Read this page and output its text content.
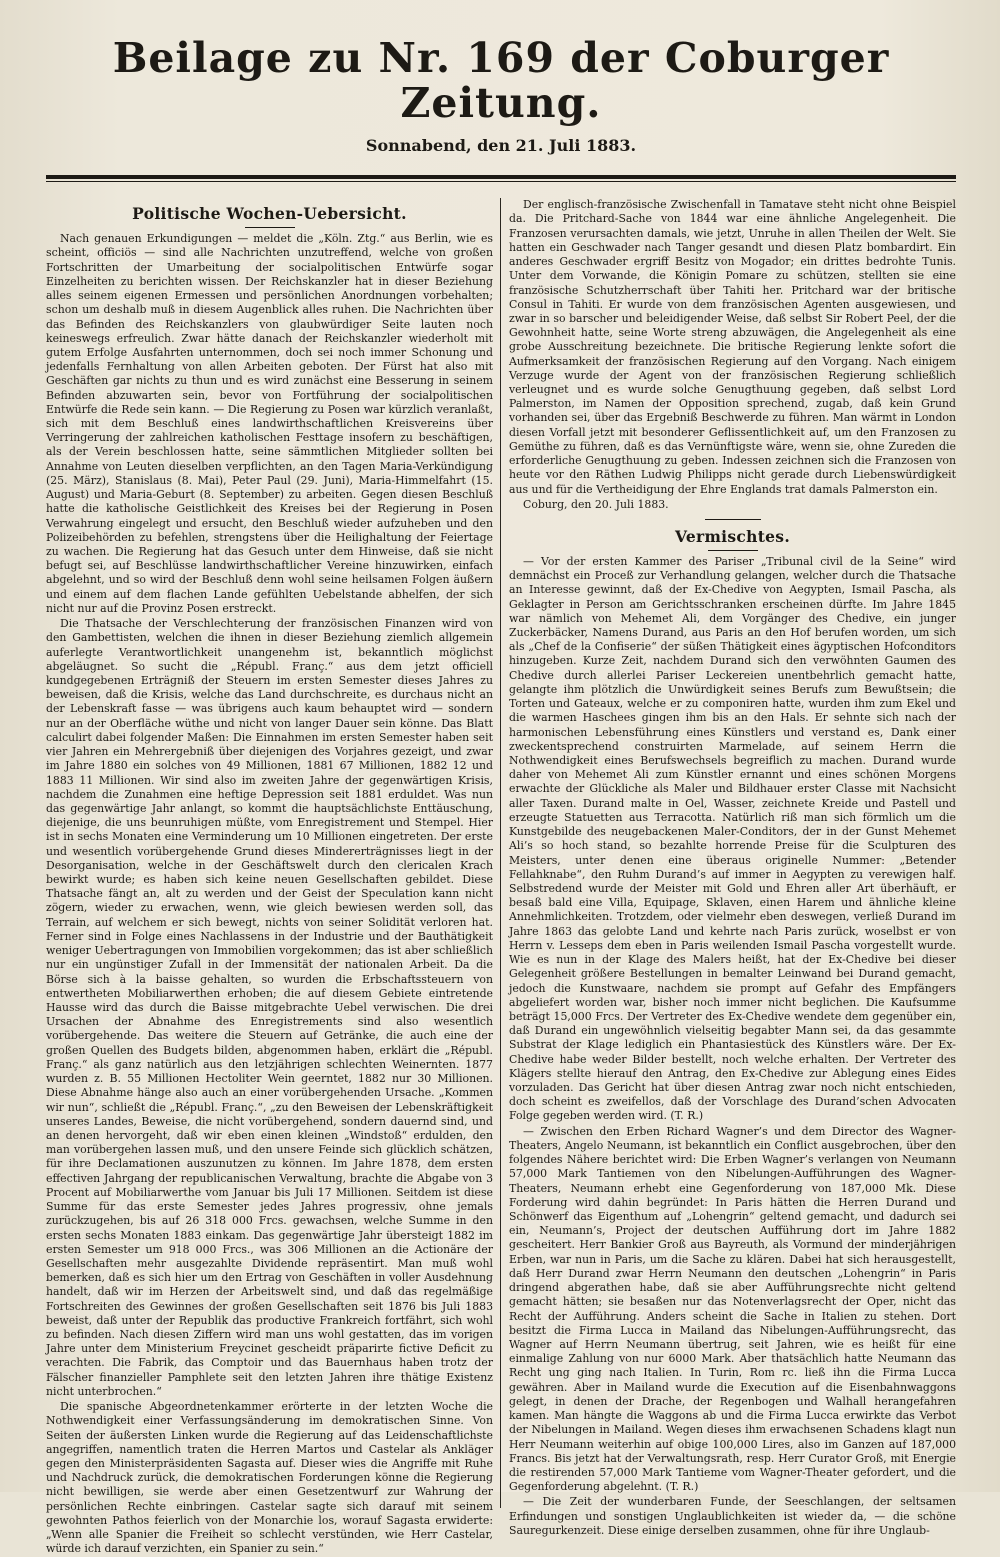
Beilage zu Nr. 169 der Coburger Zeitung.
Sonnabend, den 21. Juli 1883.
Politische Wochen-Uebersicht.

Nach genauen Erkundigungen — meldet die „Köln. Ztg.“ aus Berlin, wie es scheint, officiös — sind alle Nachrichten unzutreffend, welche von großen Fortschritten der Umarbeitung der socialpolitischen Entwürfe sogar Einzelheiten zu berichten wissen. Der Reichskanzler hat in dieser Beziehung alles seinem eigenen Ermessen und persönlichen Anordnungen vorbehalten; schon um deshalb muß in diesem Augenblick alles ruhen. Die Nachrichten über das Befinden des Reichskanzlers von glaubwürdiger Seite lauten noch keineswegs erfreulich. Zwar hätte danach der Reichskanzler wiederholt mit gutem Erfolge Ausfahrten unternommen, doch sei noch immer Schonung und jedenfalls Fernhaltung von allen Arbeiten geboten. Der Fürst hat also mit Geschäften gar nichts zu thun und es wird zunächst eine Besserung in seinem Befinden abzuwarten sein, bevor von Fortführung der socialpolitischen Entwürfe die Rede sein kann. — Die Regierung zu Posen war kürzlich veranlaßt, sich mit dem Beschluß eines landwirthschaftlichen Kreisvereins über Verringerung der zahlreichen katholischen Festtage insofern zu beschäftigen, als der Verein beschlossen hatte, seine sämmtlichen Mitglieder sollten bei Annahme von Leuten dieselben verpflichten, an den Tagen Maria-Verkündigung (25. März), Stanislaus (8. Mai), Peter Paul (29. Juni), Maria-Himmelfahrt (15. August) und Maria-Geburt (8. September) zu arbeiten. Gegen diesen Beschluß hatte die katholische Geistlichkeit des Kreises bei der Regierung in Posen Verwahrung eingelegt und ersucht, den Beschluß wieder aufzuheben und den Polizeibehörden zu befehlen, strengstens über die Heilighaltung der Feiertage zu wachen. Die Regierung hat das Gesuch unter dem Hinweise, daß sie nicht befugt sei, auf Beschlüsse landwirthschaftlicher Vereine hinzuwirken, einfach abgelehnt, und so wird der Beschluß denn wohl seine heilsamen Folgen äußern und einem auf dem flachen Lande gefühlten Uebelstande abhelfen, der sich nicht nur auf die Provinz Posen erstreckt.

Die Thatsache der Verschlechterung der französischen Finanzen wird von den Gambettisten, welchen die ihnen in dieser Beziehung ziemlich allgemein auferlegte Verantwortlichkeit unangenehm ist, bekanntlich möglichst abgeläugnet. So sucht die „Républ. Franç.“ aus dem jetzt officiell kundgegebenen Erträgniß der Steuern im ersten Semester dieses Jahres zu beweisen, daß die Krisis, welche das Land durchschreite, es durchaus nicht an der Lebenskraft fasse — was übrigens auch kaum behauptet wird — sondern nur an der Oberfläche wüthe und nicht von langer Dauer sein könne. Das Blatt calculirt dabei folgender Maßen: Die Einnahmen im ersten Semester haben seit vier Jahren ein Mehrergebniß über diejenigen des Vorjahres gezeigt, und zwar im Jahre 1880 ein solches von 49 Millionen, 1881 67 Millionen, 1882 12 und 1883 11 Millionen. Wir sind also im zweiten Jahre der gegenwärtigen Krisis, nachdem die Zunahmen eine heftige Depression seit 1881 erduldet. Was nun das gegenwärtige Jahr anlangt, so kommt die hauptsächlichste Enttäuschung, diejenige, die uns beunruhigen müßte, vom Enregistrement und Stempel. Hier ist in sechs Monaten eine Verminderung um 10 Millionen eingetreten. Der erste und wesentlich vorübergehende Grund dieses Mindererträgnisses liegt in der Desorganisation, welche in der Geschäftswelt durch den clericalen Krach bewirkt wurde; es haben sich keine neuen Gesellschaften gebildet. Diese Thatsache fängt an, alt zu werden und der Geist der Speculation kann nicht zögern, wieder zu erwachen, wenn, wie gleich bewiesen werden soll, das Terrain, auf welchem er sich bewegt, nichts von seiner Solidität verloren hat. Ferner sind in Folge eines Nachlassens in der Industrie und der Bauthätigkeit weniger Uebertragungen von Immobilien vorgekommen; das ist aber schließlich nur ein ungünstiger Zufall in der Immensität der nationalen Arbeit. Da die Börse sich à la baisse gehalten, so wurden die Erbschaftssteuern von entwertheten Mobiliarwerthen erhoben; die auf diesem Gebiete eintretende Hausse wird das durch die Baisse mitgebrachte Uebel verwischen. Die drei Ursachen der Abnahme des Enregistrements sind also wesentlich vorübergehende. Das weitere die Steuern auf Getränke, die auch eine der großen Quellen des Budgets bilden, abgenommen haben, erklärt die „Républ. Franç.“ als ganz natürlich aus den letzjährigen schlechten Weinernten. 1877 wurden z. B. 55 Millionen Hectoliter Wein geerntet, 1882 nur 30 Millionen. Diese Abnahme hänge also auch an einer vorübergehenden Ursache. „Kommen wir nun“, schließt die „Républ. Franç.“, „zu den Beweisen der Lebenskräftigkeit unseres Landes, Beweise, die nicht vorübergehend, sondern dauernd sind, und an denen hervorgeht, daß wir eben einen kleinen „Windstoß“ erdulden, den man vorübergehen lassen muß, und den unsere Feinde sich glücklich schätzen, für ihre Declamationen auszunutzen zu können. Im Jahre 1878, dem ersten effectiven Jahrgang der republicanischen Verwaltung, brachte die Abgabe von 3 Procent auf Mobiliarwerthe vom Januar bis Juli 17 Millionen. Seitdem ist diese Summe für das erste Semester jedes Jahres progressiv, ohne jemals zurückzugehen, bis auf 26 318 000 Frcs. gewachsen, welche Summe in den ersten sechs Monaten 1883 einkam. Das gegenwärtige Jahr übersteigt 1882 im ersten Semester um 918 000 Frcs., was 306 Millionen an die Actionäre der Gesellschaften mehr ausgezahlte Dividende repräsentirt. Man muß wohl bemerken, daß es sich hier um den Ertrag von Geschäften in voller Ausdehnung handelt, daß wir im Herzen der Arbeitswelt sind, und daß das regelmäßige Fortschreiten des Gewinnes der großen Gesellschaften seit 1876 bis Juli 1883 beweist, daß unter der Republik das productive Frankreich fortfährt, sich wohl zu befinden. Nach diesen Ziffern wird man uns wohl gestatten, das im vorigen Jahre unter dem Ministerium Freycinet gescheidt präparirte fictive Deficit zu verachten. Die Fabrik, das Comptoir und das Bauernhaus haben trotz der Fälscher finanzieller Pamphlete seit den letzten Jahren ihre thätige Existenz nicht unterbrochen.“

Die spanische Abgeordnetenkammer erörterte in der letzten Woche die Nothwendigkeit einer Verfassungsänderung im demokratischen Sinne. Von Seiten der äußersten Linken wurde die Regierung auf das Leidenschaftlichste angegriffen, namentlich traten die Herren Martos und Castelar als Ankläger gegen den Ministerpräsidenten Sagasta auf. Dieser wies die Angriffe mit Ruhe und Nachdruck zurück, die demokratischen Forderungen könne die Regierung nicht bewilligen, sie werde aber einen Gesetzentwurf zur Wahrung der persönlichen Rechte einbringen. Castelar sagte sich darauf mit seinem gewohnten Pathos feierlich von der Monarchie los, worauf Sagasta erwiderte: „Wenn alle Spanier die Freiheit so schlecht verstünden, wie Herr Castelar, würde ich darauf verzichten, ein Spanier zu sein.“

Der englisch-französische Zwischenfall in Tamatave steht nicht ohne Beispiel da. Die Pritchard-Sache von 1844 war eine ähnliche Angelegenheit. Die Franzosen verursachten damals, wie jetzt, Unruhe in allen Theilen der Welt. Sie hatten ein Geschwader nach Tanger gesandt und diesen Platz bombardirt. Ein anderes Geschwader ergriff Besitz von Mogador; ein drittes bedrohte Tunis. Unter dem Vorwande, die Königin Pomare zu schützen, stellten sie eine französische Schutzherrschaft über Tahiti her. Pritchard war der britische Consul in Tahiti. Er wurde von dem französischen Agenten ausgewiesen, und zwar in so barscher und beleidigender Weise, daß selbst Sir Robert Peel, der die Gewohnheit hatte, seine Worte streng abzuwägen, die Angelegenheit als eine grobe Ausschreitung bezeichnete. Die britische Regierung lenkte sofort die Aufmerksamkeit der französischen Regierung auf den Vorgang. Nach einigem Verzuge wurde der Agent von der französischen Regierung schließlich verleugnet und es wurde solche Genugthuung gegeben, daß selbst Lord Palmerston, im Namen der Opposition sprechend, zugab, daß kein Grund vorhanden sei, über das Ergebniß Beschwerde zu führen. Man wärmt in London diesen Vorfall jetzt mit besonderer Geflissentlichkeit auf, um den Franzosen zu Gemüthe zu führen, daß es das Vernünftigste wäre, wenn sie, ohne Zureden die erforderliche Genugthuung zu geben. Indessen zeichnen sich die Franzosen von heute vor den Räthen Ludwig Philipps nicht gerade durch Liebenswürdigkeit aus und für die Vertheidigung der Ehre Englands trat damals Palmerston ein.

Coburg, den 20. Juli 1883.

Vermischtes.

— Vor der ersten Kammer des Pariser „Tribunal civil de la Seine“ wird demnächst ein Proceß zur Verhandlung gelangen, welcher durch die Thatsache an Interesse gewinnt, daß der Ex-Chedive von Aegypten, Ismail Pascha, als Geklagter in Person am Gerichtsschranken erscheinen dürfte. Im Jahre 1845 war nämlich von Mehemet Ali, dem Vorgänger des Chedive, ein junger Zuckerbäcker, Namens Durand, aus Paris an den Hof berufen worden, um sich als „Chef de la Confiserie“ der süßen Thätigkeit eines ägyptischen Hofconditors hinzugeben. Kurze Zeit, nachdem Durand sich den verwöhnten Gaumen des Chedive durch allerlei Pariser Leckereien unentbehrlich gemacht hatte, gelangte ihm plötzlich die Unwürdigkeit seines Berufs zum Bewußtsein; die Torten und Gateaux, welche er zu componiren hatte, wurden ihm zum Ekel und die warmen Haschees gingen ihm bis an den Hals. Er sehnte sich nach der harmonischen Lebensführung eines Künstlers und verstand es, Dank einer zweckentsprechend construirten Marmelade, auf seinem Herrn die Nothwendigkeit eines Berufswechsels begreiflich zu machen. Durand wurde daher von Mehemet Ali zum Künstler ernannt und eines schönen Morgens erwachte der Glückliche als Maler und Bildhauer erster Classe mit Nachsicht aller Taxen. Durand malte in Oel, Wasser, zeichnete Kreide und Pastell und erzeugte Statuetten aus Terracotta. Natürlich riß man sich förmlich um die Kunstgebilde des neugebackenen Maler-Conditors, der in der Gunst Mehemet Ali’s so hoch stand, so bezahlte horrende Preise für die Sculpturen des Meisters, unter denen eine überaus originelle Nummer: „Betender Fellahknabe“, den Ruhm Durand’s auf immer in Aegypten zu verewigen half. Selbstredend wurde der Meister mit Gold und Ehren aller Art überhäuft, er besaß bald eine Villa, Equipage, Sklaven, einen Harem und ähnliche kleine Annehmlichkeiten. Trotzdem, oder vielmehr eben deswegen, verließ Durand im Jahre 1863 das gelobte Land und kehrte nach Paris zurück, woselbst er von Herrn v. Lesseps dem eben in Paris weilenden Ismail Pascha vorgestellt wurde. Wie es nun in der Klage des Malers heißt, hat der Ex-Chedive bei dieser Gelegenheit größere Bestellungen in bemalter Leinwand bei Durand gemacht, jedoch die Kunstwaare, nachdem sie prompt auf Gefahr des Empfängers abgeliefert worden war, bisher noch immer nicht beglichen. Die Kaufsumme beträgt 15,000 Frcs. Der Vertreter des Ex-Chedive wendete dem gegenüber ein, daß Durand ein ungewöhnlich vielseitig begabter Mann sei, da das gesammte Substrat der Klage lediglich ein Phantasiestück des Künstlers wäre. Der Ex-Chedive habe weder Bilder bestellt, noch welche erhalten. Der Vertreter des Klägers stellte hierauf den Antrag, den Ex-Chedive zur Ablegung eines Eides vorzuladen. Das Gericht hat über diesen Antrag zwar noch nicht entschieden, doch scheint es zweifellos, daß der Vorschlage des Durand’schen Advocaten Folge gegeben werden wird. (T. R.)

— Zwischen den Erben Richard Wagner’s und dem Director des Wagner-Theaters, Angelo Neumann, ist bekanntlich ein Conflict ausgebrochen, über den folgendes Nähere berichtet wird: Die Erben Wagner’s verlangen von Neumann 57,000 Mark Tantiemen von den Nibelungen-Aufführungen des Wagner-Theaters, Neumann erhebt eine Gegenforderung von 187,000 Mk. Diese Forderung wird dahin begründet: In Paris hätten die Herren Durand und Schönwerf das Eigenthum auf „Lohengrin“ geltend gemacht, und dadurch sei ein, Neumann’s, Project der deutschen Aufführung dort im Jahre 1882 gescheitert. Herr Bankier Groß aus Bayreuth, als Vormund der minderjährigen Erben, war nun in Paris, um die Sache zu klären. Dabei hat sich herausgestellt, daß Herr Durand zwar Herrn Neumann den deutschen „Lohengrin“ in Paris dringend abgerathen habe, daß sie aber Aufführungsrechte nicht geltend gemacht hätten; sie besaßen nur das Notenverlagsrecht der Oper, nicht das Recht der Aufführung. Anders scheint die Sache in Italien zu stehen. Dort besitzt die Firma Lucca in Mailand das Nibelungen-Aufführungsrecht, das Wagner auf Herrn Neumann übertrug, seit Jahren, wie es heißt für eine einmalige Zahlung von nur 6000 Mark. Aber thatsächlich hatte Neumann das Recht ung ging nach Italien. In Turin, Rom rc. ließ ihn die Firma Lucca gewähren. Aber in Mailand wurde die Execution auf die Eisenbahnwaggons gelegt, in denen der Drache, der Regenbogen und Walhall herangefahren kamen. Man hängte die Waggons ab und die Firma Lucca erwirkte das Verbot der Nibelungen in Mailand. Wegen dieses ihm erwachsenen Schadens klagt nun Herr Neumann weiterhin auf obige 100,000 Lires, also im Ganzen auf 187,000 Francs. Bis jetzt hat der Verwaltungsrath, resp. Herr Curator Groß, mit Energie die restirenden 57,000 Mark Tantieme vom Wagner-Theater gefordert, und die Gegenforderung abgelehnt. (T. R.)

— Die Zeit der wunderbaren Funde, der Seeschlangen, der seltsamen Erfindungen und sonstigen Unglaublichkeiten ist wieder da, — die schöne Sauregurkenzeit. Diese einige derselben zusammen, ohne für ihre Unglaub-
